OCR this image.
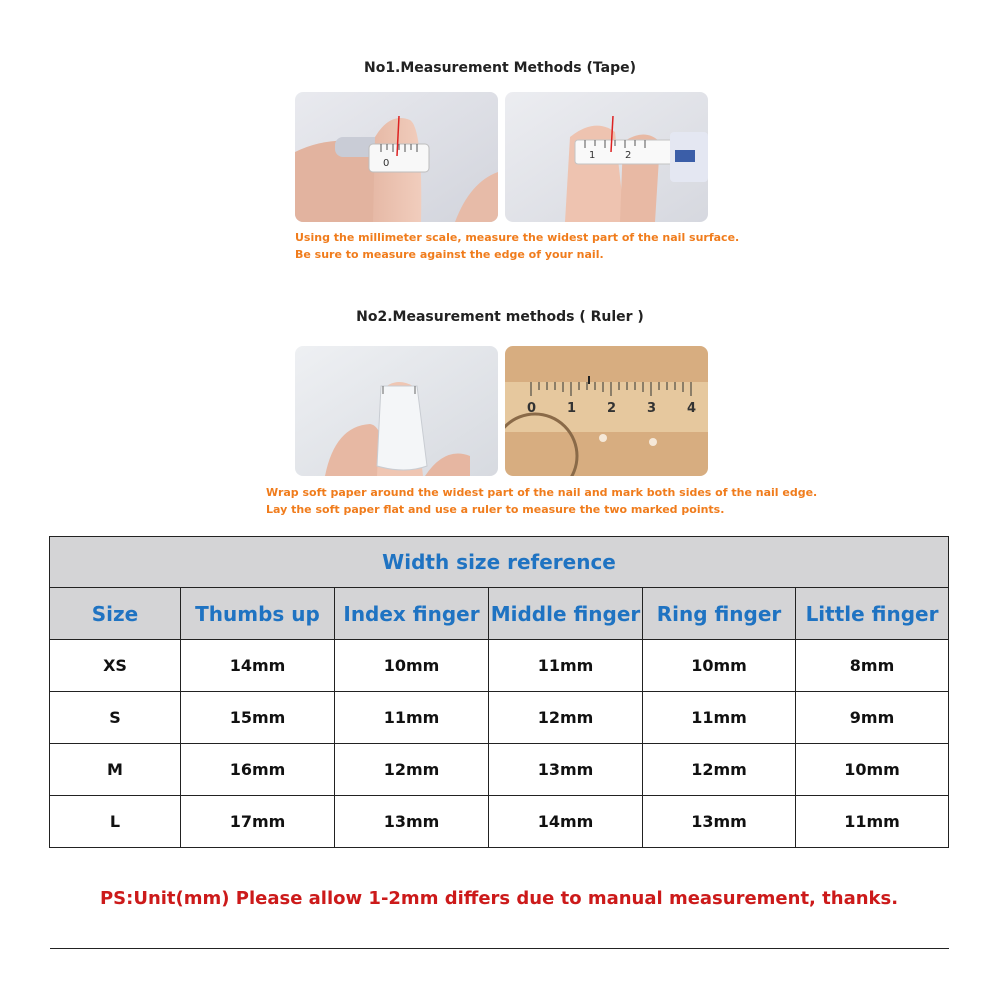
No1.Measurement Methods (Tape)
0
1	2
Using the millimeter scale, measure the widest part of the nail surface.
Be sure to measure against the edge of your nail.
No2.Measurement methods ( Ruler )
0 1 2 3 4
Wrap soft paper around the widest part of the nail and mark both sides of the nail edge.
Lay the soft paper flat and use a ruler to measure the two marked points.
Width size reference					
Size	Thumbs up	Index finger	Middle finger	Ring finger	Little finger
XS	14mm	10mm	11mm	10mm	8mm
S	15mm	11mm	12mm	11mm	9mm
M	16mm	12mm	13mm	12mm	10mm
L	17mm	13mm	14mm	13mm	11mm
PS:Unit(mm) Please allow 1-2mm differs due to manual measurement, thanks.					
